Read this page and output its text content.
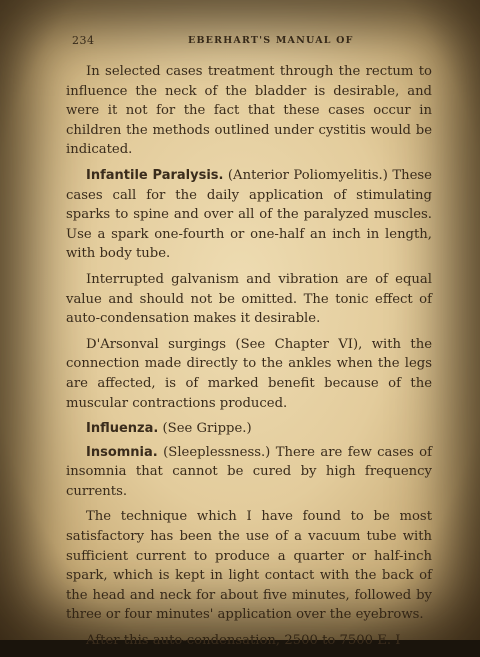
234	EBERHART'S MANUAL OF

In selected cases treatment through the rectum to influence the neck of the bladder is desirable, and were it not for the fact that these cases occur in children the methods outlined under cystitis would be indicated.

Infantile Paralysis. (Anterior Poliomyelitis.) These cases call for the daily application of stimulating sparks to spine and over all of the paralyzed muscles. Use a spark one-fourth or one-half an inch in length, with body tube.

Interrupted galvanism and vibration are of equal value and should not be omitted. The tonic effect of auto-condensation makes it desirable.

D'Arsonval surgings (See Chapter VI), with the connection made directly to the ankles when the legs are affected, is of marked benefit because of the muscular contractions produced.

Influenza. (See Grippe.)

Insomnia. (Sleeplessness.) There are few cases of insomnia that cannot be cured by high frequency currents.

The technique which I have found to be most satisfactory has been the use of a vacuum tube with sufficient current to produce a quarter or half-inch spark, which is kept in light contact with the back of the head and neck for about five minutes, followed by three or four minutes' application over the eyebrows.

After this auto-condensation, 2500 to 7500 E. I
